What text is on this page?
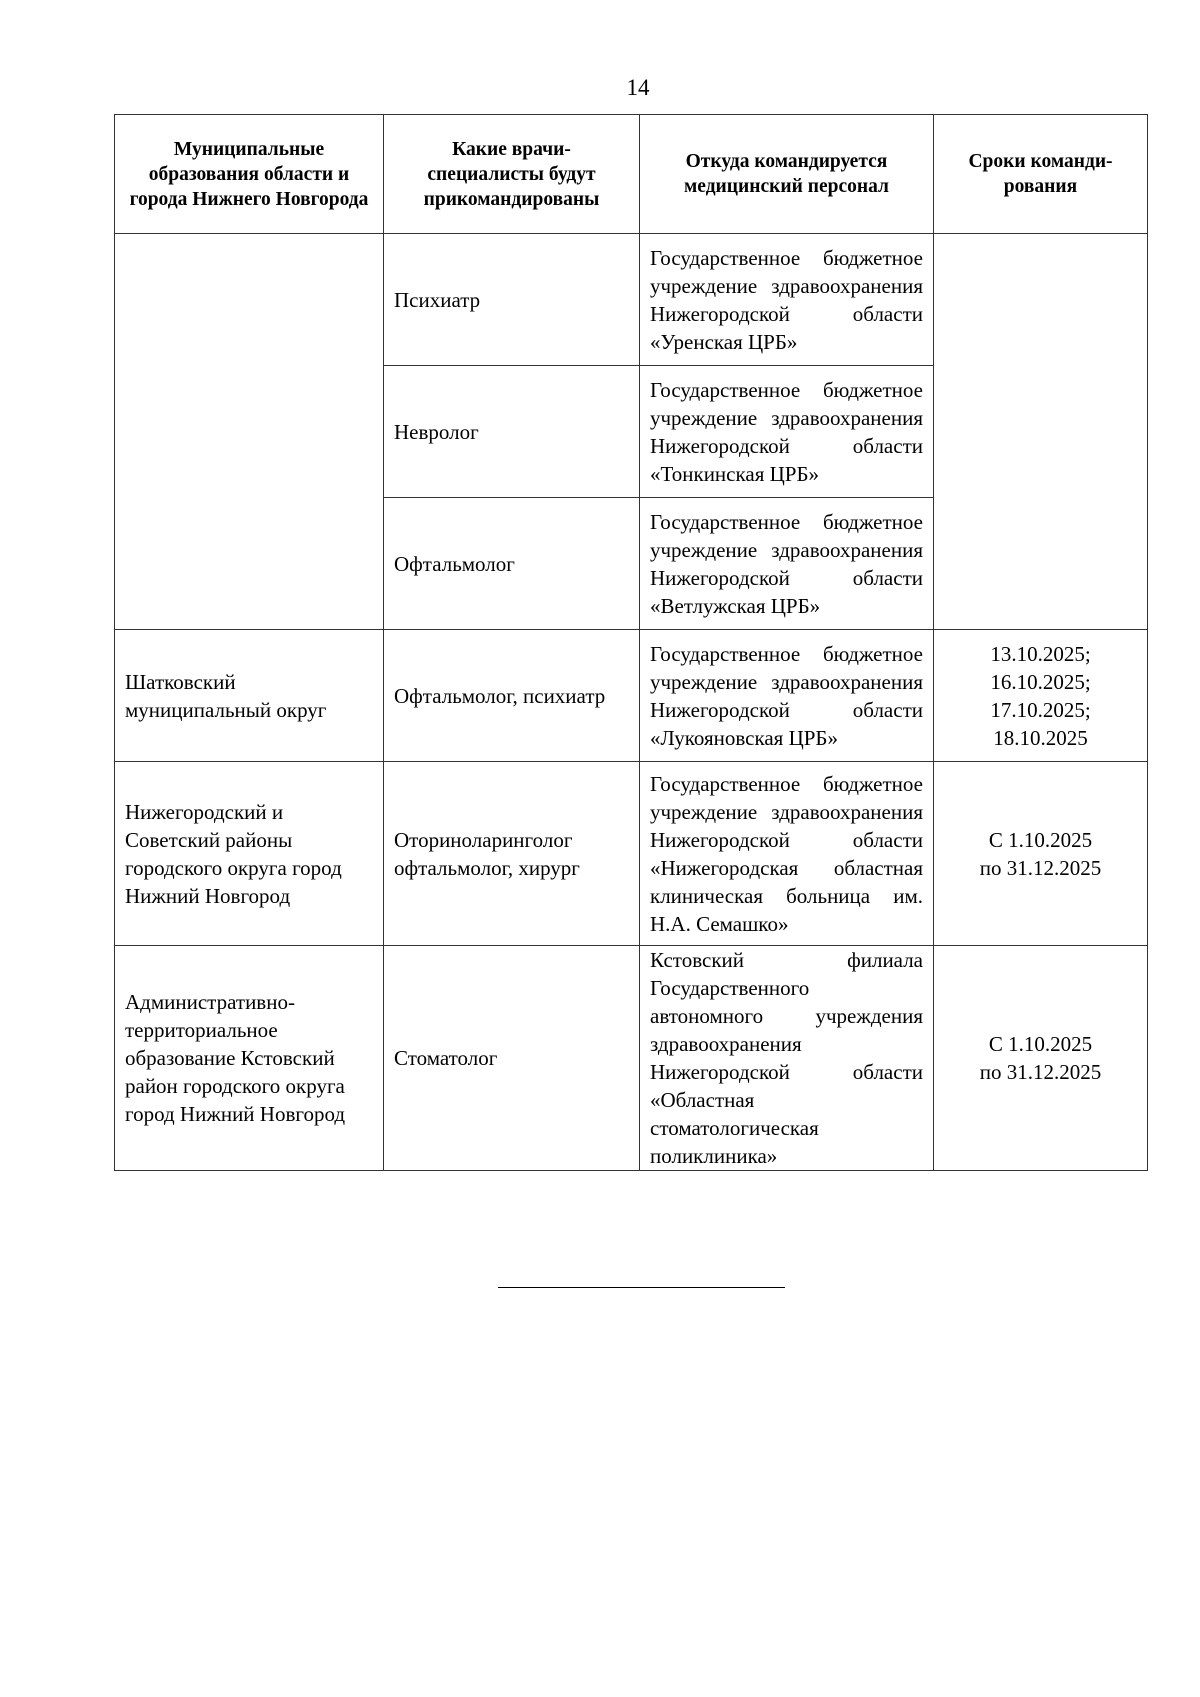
14
Муниципальные образования области и города Нижнего Новгорода	Какие врачи-специалисты будут прикомандированы	Откуда командируется медицинский персонал	Сроки команди-рования
	Психиатр	Государственное бюджетное учреждение здравоохранения Нижегородской области «Уренская ЦРБ»	
	Невролог	Государственное бюджетное учреждение здравоохранения Нижегородской области «Тонкинская ЦРБ»	
	Офтальмолог	Государственное бюджетное учреждение здравоохранения Нижегородской области «Ветлужская ЦРБ»	
Шатковский муниципальный округ	Офтальмолог, психиатр	Государственное бюджетное учреждение здравоохранения Нижегородской области «Лукояновская ЦРБ»	13.10.2025;
16.10.2025;
17.10.2025;
18.10.2025
Нижегородский и Советский районы городского округа город Нижний Новгород	Оториноларинголог офтальмолог, хирург	Государственное бюджетное учреждение здравоохранения Нижегородской области «Нижегородская областная клиническая больница им. Н.А. Семашко»	С 1.10.2025
по 31.12.2025
Административно-территориальное образование Кстовский район городского округа город Нижний Новгород	Стоматолог	Кстовский филиала Государственного автономного учреждения здравоохранения Нижегородской области «Областная стоматологическая поликлиника»	С 1.10.2025
по 31.12.2025
